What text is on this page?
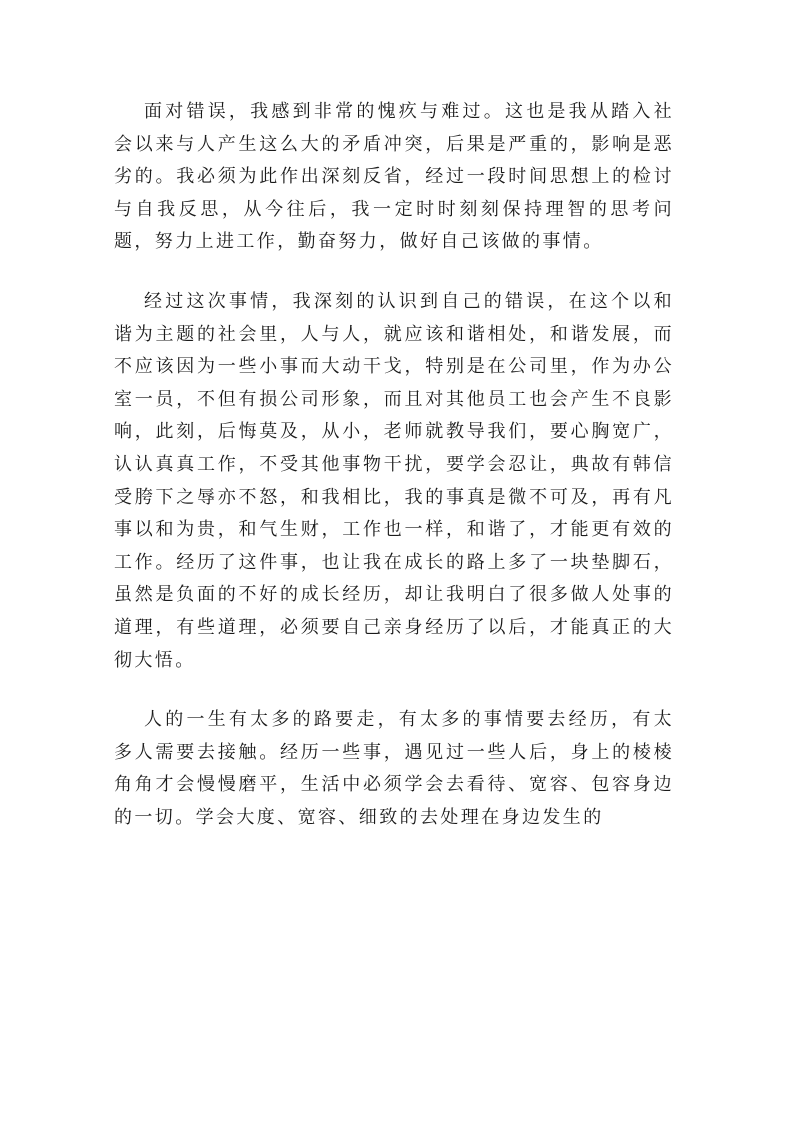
面对错误，我感到非常的愧疚与难过。这也是我从踏入社会以来与人产生这么大的矛盾冲突，后果是严重的，影响是恶劣的。我必须为此作出深刻反省，经过一段时间思想上的检讨与自我反思，从今往后，我一定时时刻刻保持理智的思考问题，努力上进工作，勤奋努力，做好自己该做的事情。

经过这次事情，我深刻的认识到自己的错误，在这个以和谐为主题的社会里，人与人，就应该和谐相处，和谐发展，而不应该因为一些小事而大动干戈，特别是在公司里，作为办公室一员，不但有损公司形象，而且对其他员工也会产生不良影响，此刻，后悔莫及，从小，老师就教导我们，要心胸宽广，认认真真工作，不受其他事物干扰，要学会忍让，典故有韩信受胯下之辱亦不怒，和我相比，我的事真是微不可及，再有凡事以和为贵，和气生财，工作也一样，和谐了，才能更有效的工作。经历了这件事，也让我在成长的路上多了一块垫脚石，虽然是负面的不好的成长经历，却让我明白了很多做人处事的道理，有些道理，必须要自己亲身经历了以后，才能真正的大彻大悟。

人的一生有太多的路要走，有太多的事情要去经历，有太多人需要去接触。经历一些事，遇见过一些人后，身上的棱棱角角才会慢慢磨平，生活中必须学会去看待、宽容、包容身边的一切。学会大度、宽容、细致的去处理在身边发生的
